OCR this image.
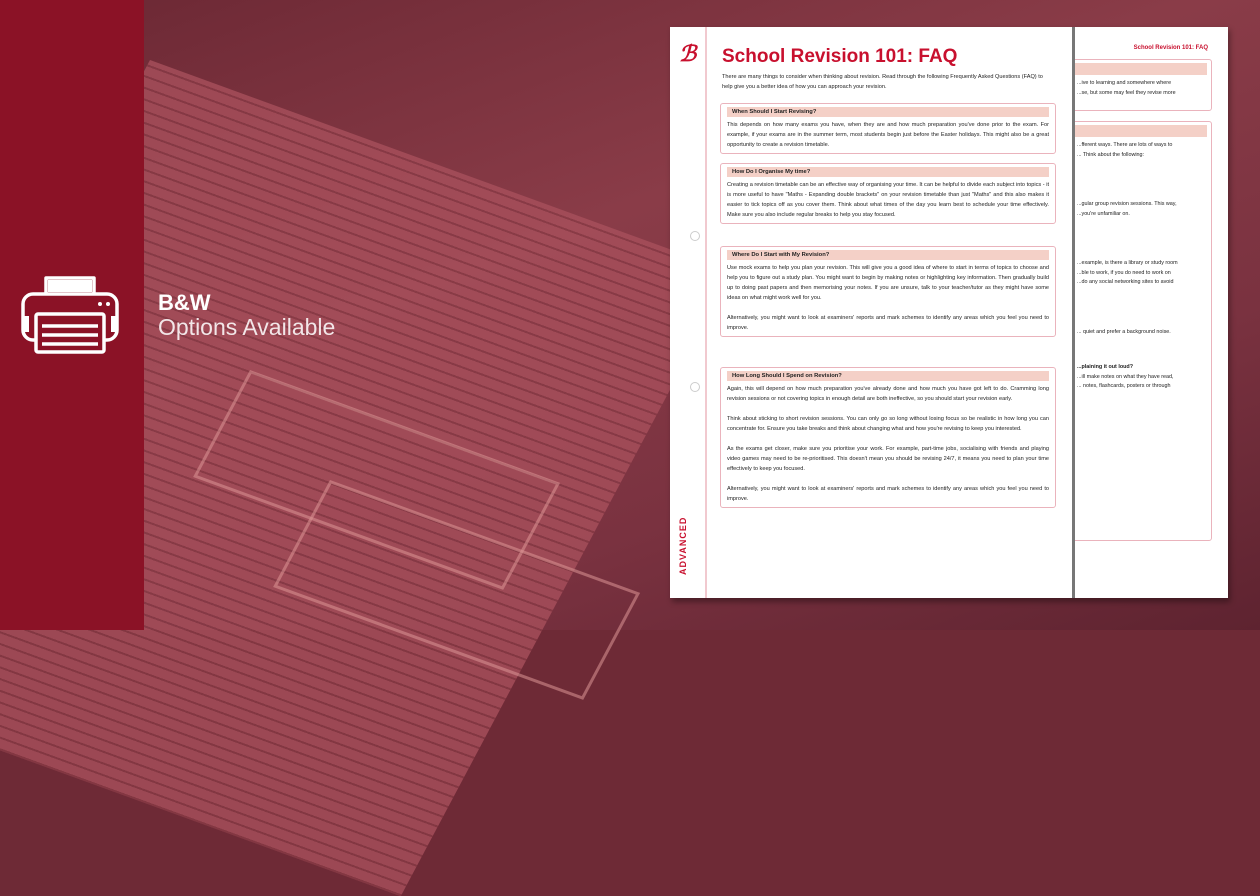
B&W
Options Available
ℬ
ADVANCED
School Revision 101: FAQ
There are many things to consider when thinking about revision. Read through the following Frequently Asked Questions (FAQ) to help give you a better idea of how you can approach your revision.
When Should I Start Revising?
This depends on how many exams you have, when they are and how much preparation you've done prior to the exam. For example, if your exams are in the summer term, most students begin just before the Easter holidays. This might also be a great opportunity to create a revision timetable.
How Do I Organise My time?
Creating a revision timetable can be an effective way of organising your time. It can be helpful to divide each subject into topics - it is more useful to have "Maths - Expanding double brackets" on your revision timetable than just "Maths" and this also makes it easier to tick topics off as you cover them. Think about what times of the day you learn best to schedule your time effectively. Make sure you also include regular breaks to help you stay focused.
Where Do I Start with My Revision?
Use mock exams to help you plan your revision. This will give you a good idea of where to start in terms of topics to choose and help you to figure out a study plan. You might want to begin by making notes or highlighting key information. Then gradually build up to doing past papers and then memorising your notes. If you are unsure, talk to your teacher/tutor as they might have some ideas on what might work well for you.
Alternatively, you might want to look at examiners' reports and mark schemes to identify any areas which you feel you need to improve.
How Long Should I Spend on Revision?
Again, this will depend on how much preparation you've already done and how much you have got left to do. Cramming long revision sessions or not covering topics in enough detail are both ineffective, so you should start your revision early.
Think about sticking to short revision sessions. You can only go so long without losing focus so be realistic in how long you can concentrate for. Ensure you take breaks and think about changing what and how you're revising to keep you interested.
As the exams get closer, make sure you prioritise your work. For example, part-time jobs, socialising with friends and playing video games may need to be re-prioritised. This doesn't mean you should be revising 24/7, it means you need to plan your time effectively to keep you focused.
Alternatively, you might want to look at examiners' reports and mark schemes to identify any areas which you feel you need to improve.
School Revision 101: FAQ
...ive to learning and somewhere where
...se, but some may feel they revise more
...fferent ways. There are lots of ways to
... Think about the following:
...gular group revision sessions. This way,
...you're unfamiliar on.
...example, is there a library or study room
...ble to work, if you do need to work on
...do any social networking sites to avoid
... quiet and prefer a background noise.
...plaining it out loud?
...ill make notes on what they have read,
... notes, flashcards, posters or through
